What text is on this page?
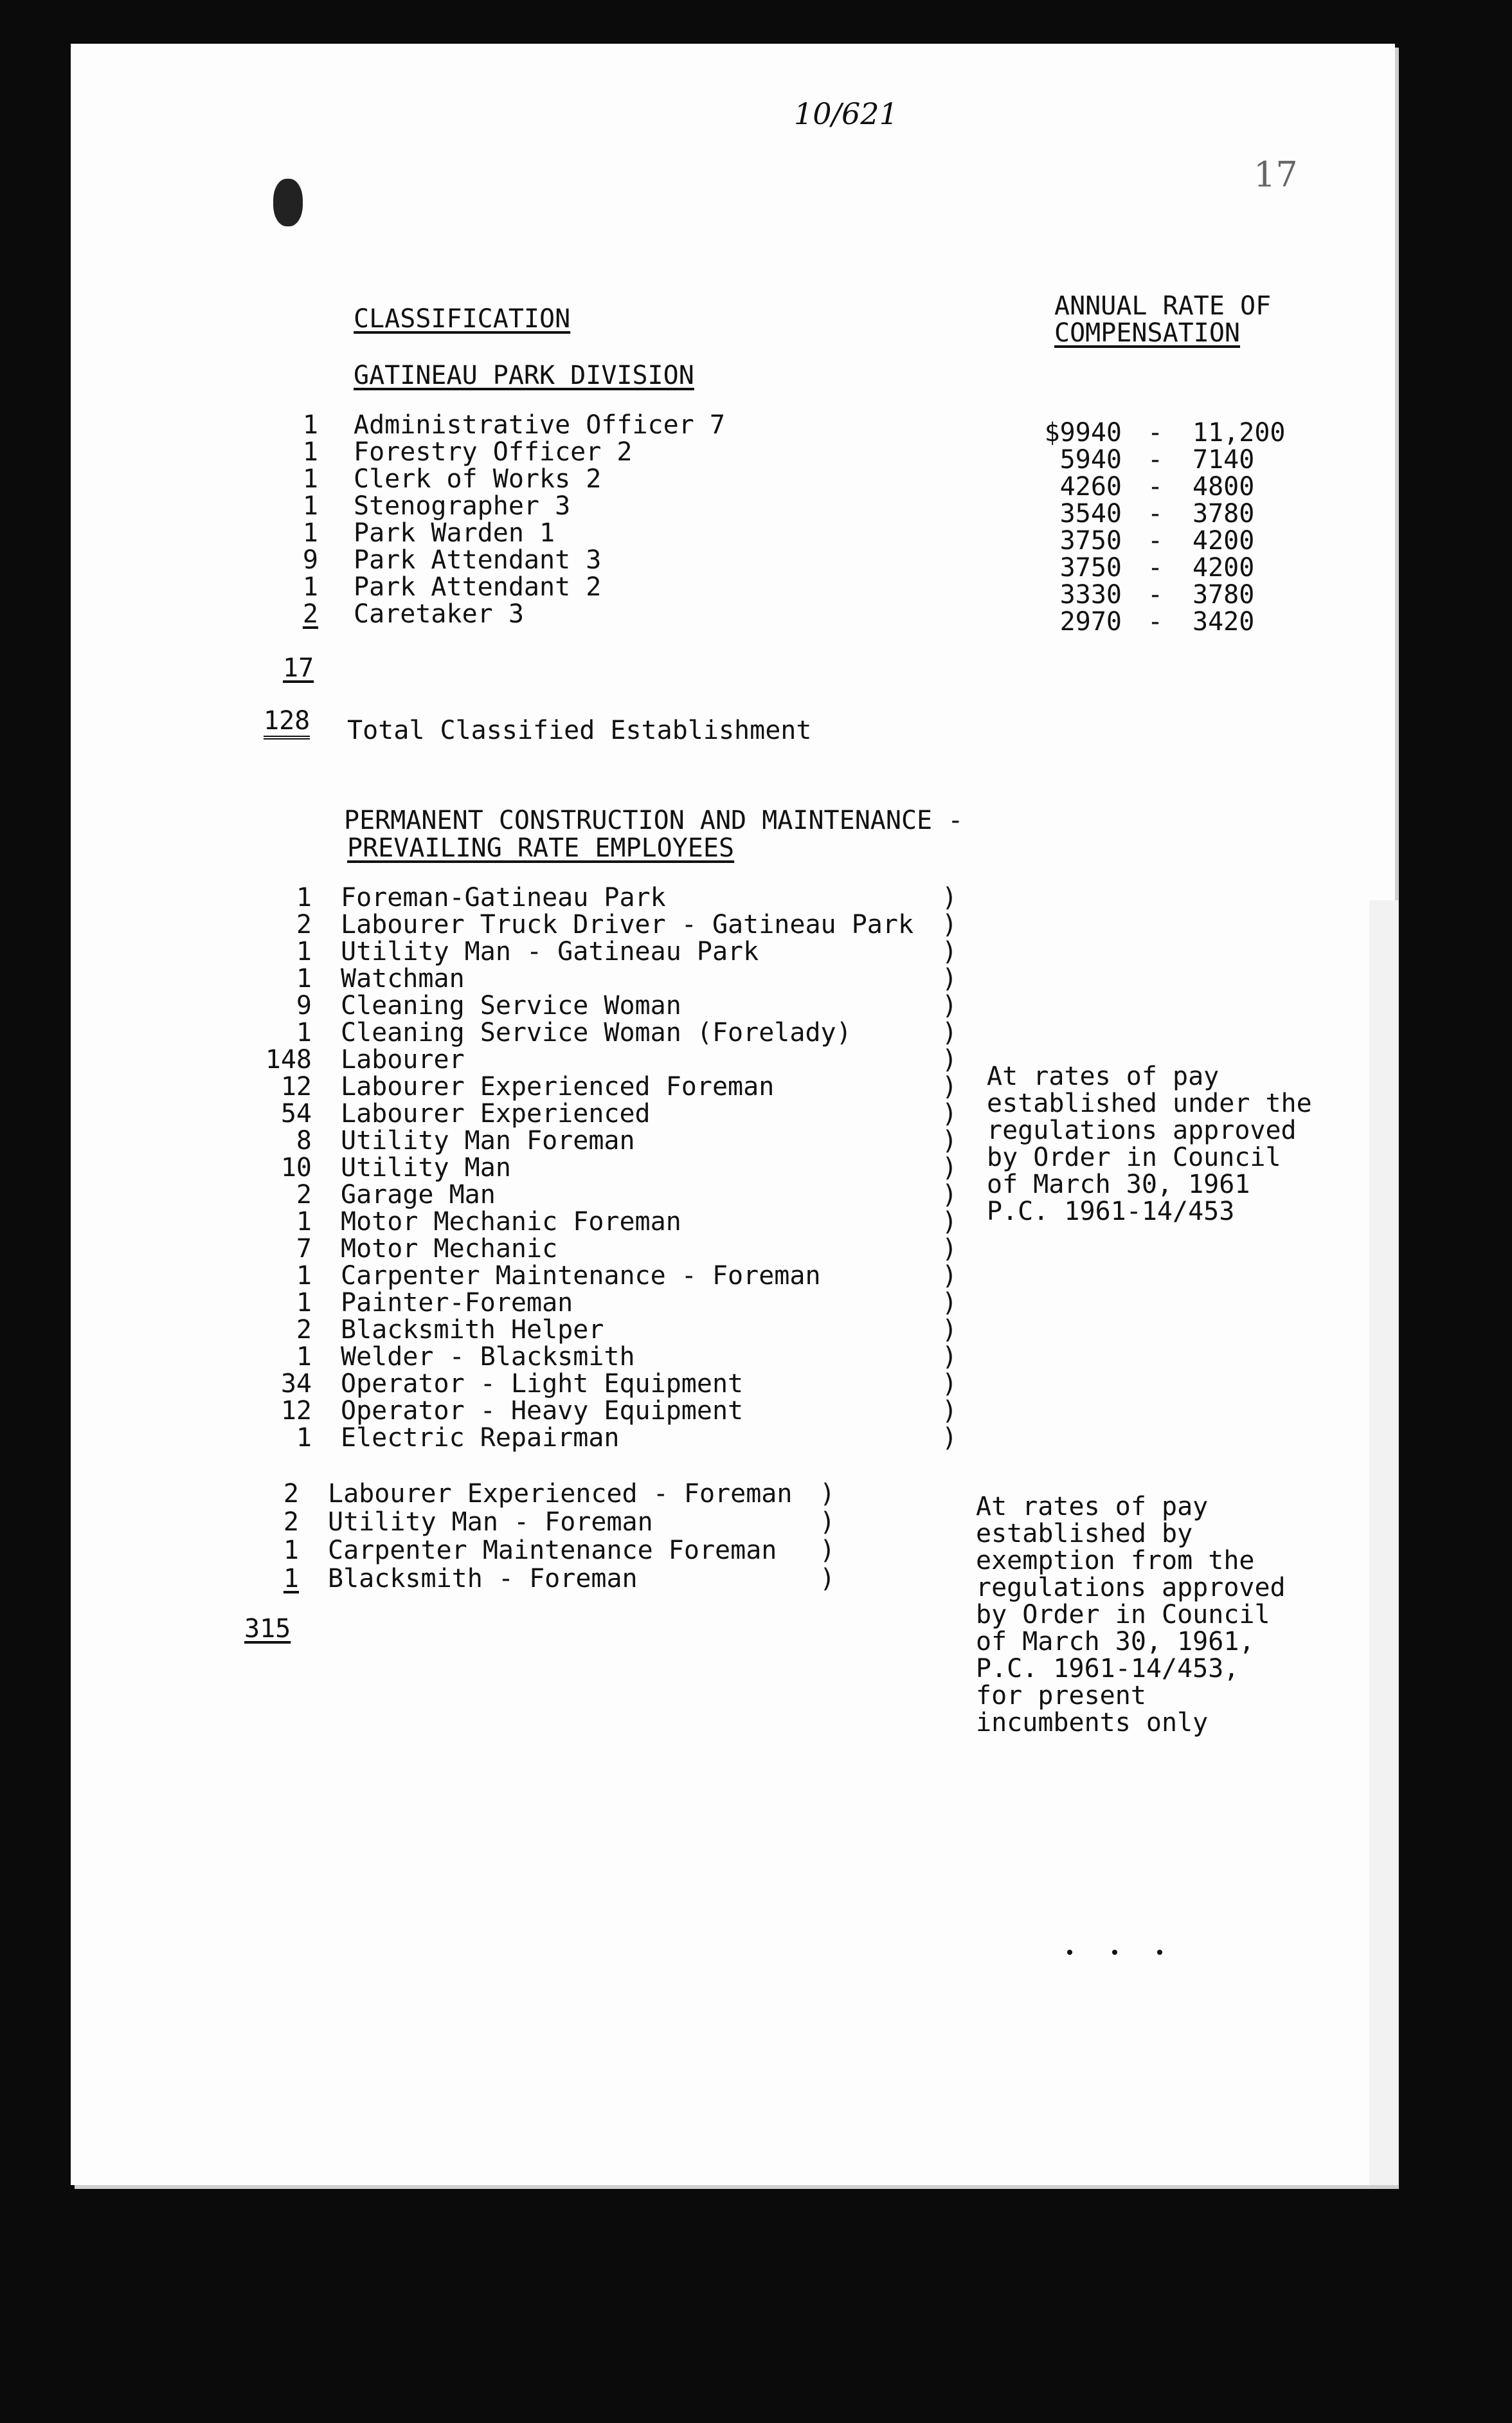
10/621
17
CLASSIFICATION	ANNUAL RATE OF
COMPENSATION
GATINEAU PARK DIVISION
1 Administrative Officer 7	$9940 - 11,200
1 Forestry Officer 2	5940 - 7140
1 Clerk of Works 2	4260 - 4800
1 Stenographer 3	3540 - 3780
1 Park Warden 1	3750 - 4200
9 Park Attendant 3	3750 - 4200
1 Park Attendant 2	3330 - 3780
2 Caretaker 3	2970 - 3420
17
128 Total Classified Establishment
PERMANENT CONSTRUCTION AND MAINTENANCE -
PREVAILING RATE EMPLOYEES
1 Foreman-Gatineau Park	)
2 Labourer Truck Driver - Gatineau Park )
1 Utility Man - Gatineau Park	)
1 Watchman	)
9 Cleaning Service Woman	)
1 Cleaning Service Woman (Forelady)	)
148 Labourer	)
12 Labourer Experienced Foreman	)
54 Labourer Experienced	)
8 Utility Man Foreman	)
10 Utility Man	)
2 Garage Man	)
1 Motor Mechanic Foreman	)
7 Motor Mechanic	)
1 Carpenter Maintenance - Foreman	)
1 Painter-Foreman	)
2 Blacksmith Helper	)
1 Welder - Blacksmith	)
34 Operator - Light Equipment	)
12 Operator - Heavy Equipment	)
1 Electric Repairman	)
At rates of pay
established under the
regulations approved
by Order in Council
of March 30, 1961
P.C. 1961-14/453
2 Labourer Experienced - Foreman )
2 Utility Man - Foreman	)
1 Carpenter Maintenance Foreman )
1 Blacksmith - Foreman	)
At rates of pay
established by
exemption from the
regulations approved
by Order in Council
of March 30, 1961,
P.C. 1961-14/453,
for present
incumbents only
315
